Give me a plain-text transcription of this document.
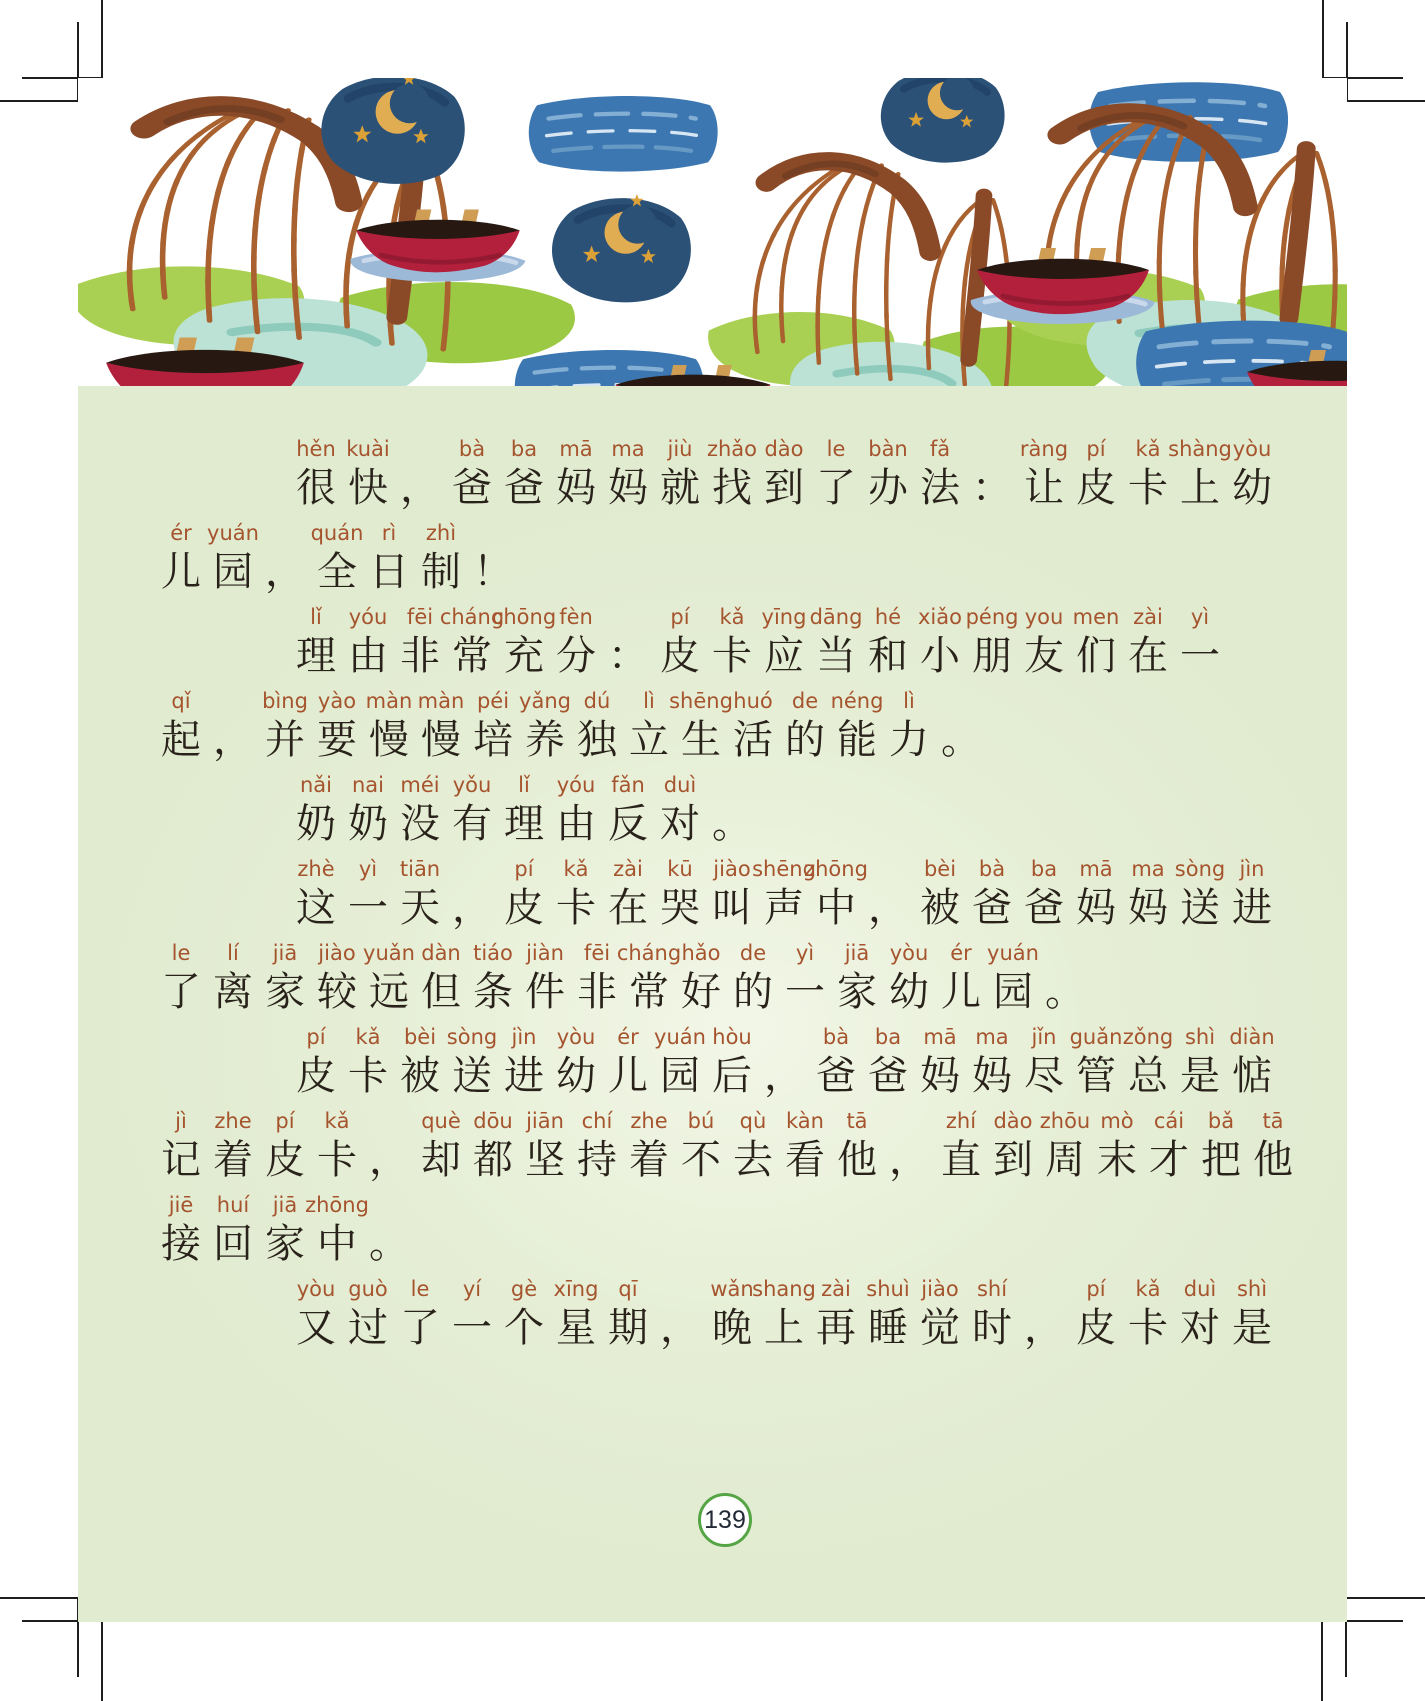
hěn
很
kuài
快 ，
bà
爸
ba
爸
mā
妈
ma
妈
jiù
就
zhǎo
找
dào
到
le
了
bàn
办
fǎ
法 ：
ràng
让
pí
皮
kǎ
卡
shàng
上
yòu
幼
ér
儿
yuán
园 ，
quán
全
rì
日
zhì
制 ！
lǐ
理
yóu
由
fēi
非
cháng
常
chōng
充
fèn
分 ：
pí
皮
kǎ
卡
yīng
应
dāng
当
hé
和
xiǎo
小
péng
朋
you
友
men
们
zài
在
yì
一
qǐ
起 ，
bìng
并
yào
要
màn
慢
màn
慢
péi
培
yǎng
养
dú
独
lì
立
shēng
生
huó
活
de
的
néng
能
lì
力 。
nǎi
奶
nai
奶
méi
没
yǒu
有
lǐ
理
yóu
由
fǎn
反
duì
对 。
zhè
这
yì
一
tiān
天 ，
pí
皮
kǎ
卡
zài
在
kū
哭
jiào
叫
shēng
声
zhōng
中 ，
bèi
被
bà
爸
ba
爸
mā
妈
ma
妈
sòng
送
jìn
进
le
了
lí
离
jiā
家
jiào
较
yuǎn
远
dàn
但
tiáo
条
jiàn
件
fēi
非
cháng
常
hǎo
好
de
的
yì
一
jiā
家
yòu
幼
ér
儿
yuán
园 。
pí
皮
kǎ
卡
bèi
被
sòng
送
jìn
进
yòu
幼
ér
儿
yuán
园
hòu
后 ，
bà
爸
ba
爸
mā
妈
ma
妈
jǐn
尽
guǎn
管
zǒng
总
shì
是
diàn
惦
jì
记
zhe
着
pí
皮
kǎ
卡 ，
què
却
dōu
都
jiān
坚
chí
持
zhe
着
bú
不
qù
去
kàn
看
tā
他 ，
zhí
直
dào
到
zhōu
周
mò
末
cái
才
bǎ
把
tā
他
jiē
接
huí
回
jiā
家
zhōng
中 。
yòu
又
guò
过
le
了
yí
一
gè
个
xīng
星
qī
期 ，
wǎn
晚
shang
上
zài
再
shuì
睡
jiào
觉
shí
时 ，
pí
皮
kǎ
卡
duì
对
shì
是
139
